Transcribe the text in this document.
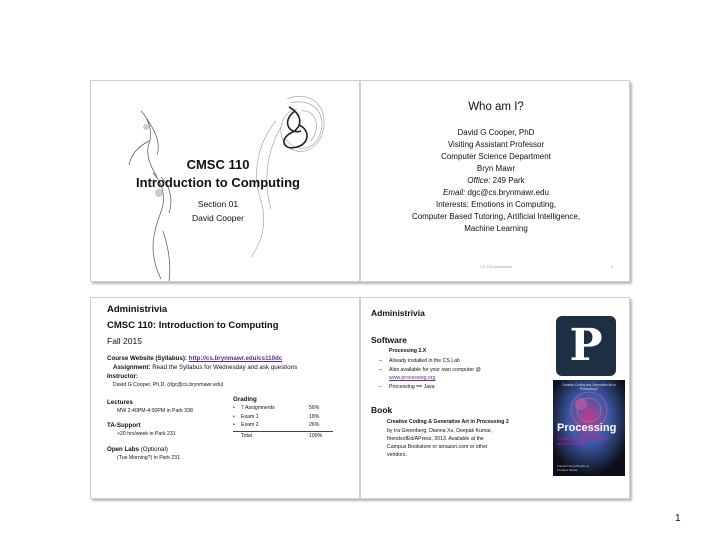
CMSC 110
Introduction to Computing
Section 01
David Cooper
Who am I?
David G Cooper, PhD
Visiting Assistant Professor
Computer Science Department
Bryn Mawr
Office: 249 Park
Email: dgc@cs.brynmawr.edu
Interests: Emotions in Computing,
Computer Based Tutoring, Artificial Intelligence,
Machine Learning
CS 110 Introduction	2
Administrivia
CMSC 110: Introduction to Computing
Fall 2015
Course Website (Syllabus): http://cs.brynmawr.edu/cs110dc
Assignment: Read the Syllabus for Wednesday and ask questions
Instructor:
David G Cooper, Ph.D. (dgc@cs.brynmawr.edu)
Lectures
MW 2:40PM-4:00PM in Park 338
TA-Support
>20 hrs/week in Park 231
Open Labs (Optional)
(Tue Morning?) in Park 231
Grading
• 7 Assignments	56%
• Exam 1	18%
• Exam 2	26%
Total	100%
Administrivia
Software
Processing 2.X
– Already installed in the CS Lab
– Also available for your own computer @
www.processing.org
– Processing == Java
P
Creative Coding and Generative Art in Processing 2
Processing
Creative Coding and Generative
Art in Processing 2
Transforming Physics to Creative Media
Book
Creative Coding & Generative Art in Processing 2
by Ira Greenberg, Dianna Xu, Deepak Kumar,
friendsofEd/APress, 2013. Available at the
Campus Bookstore or amazon.com or other
vendors.
1
